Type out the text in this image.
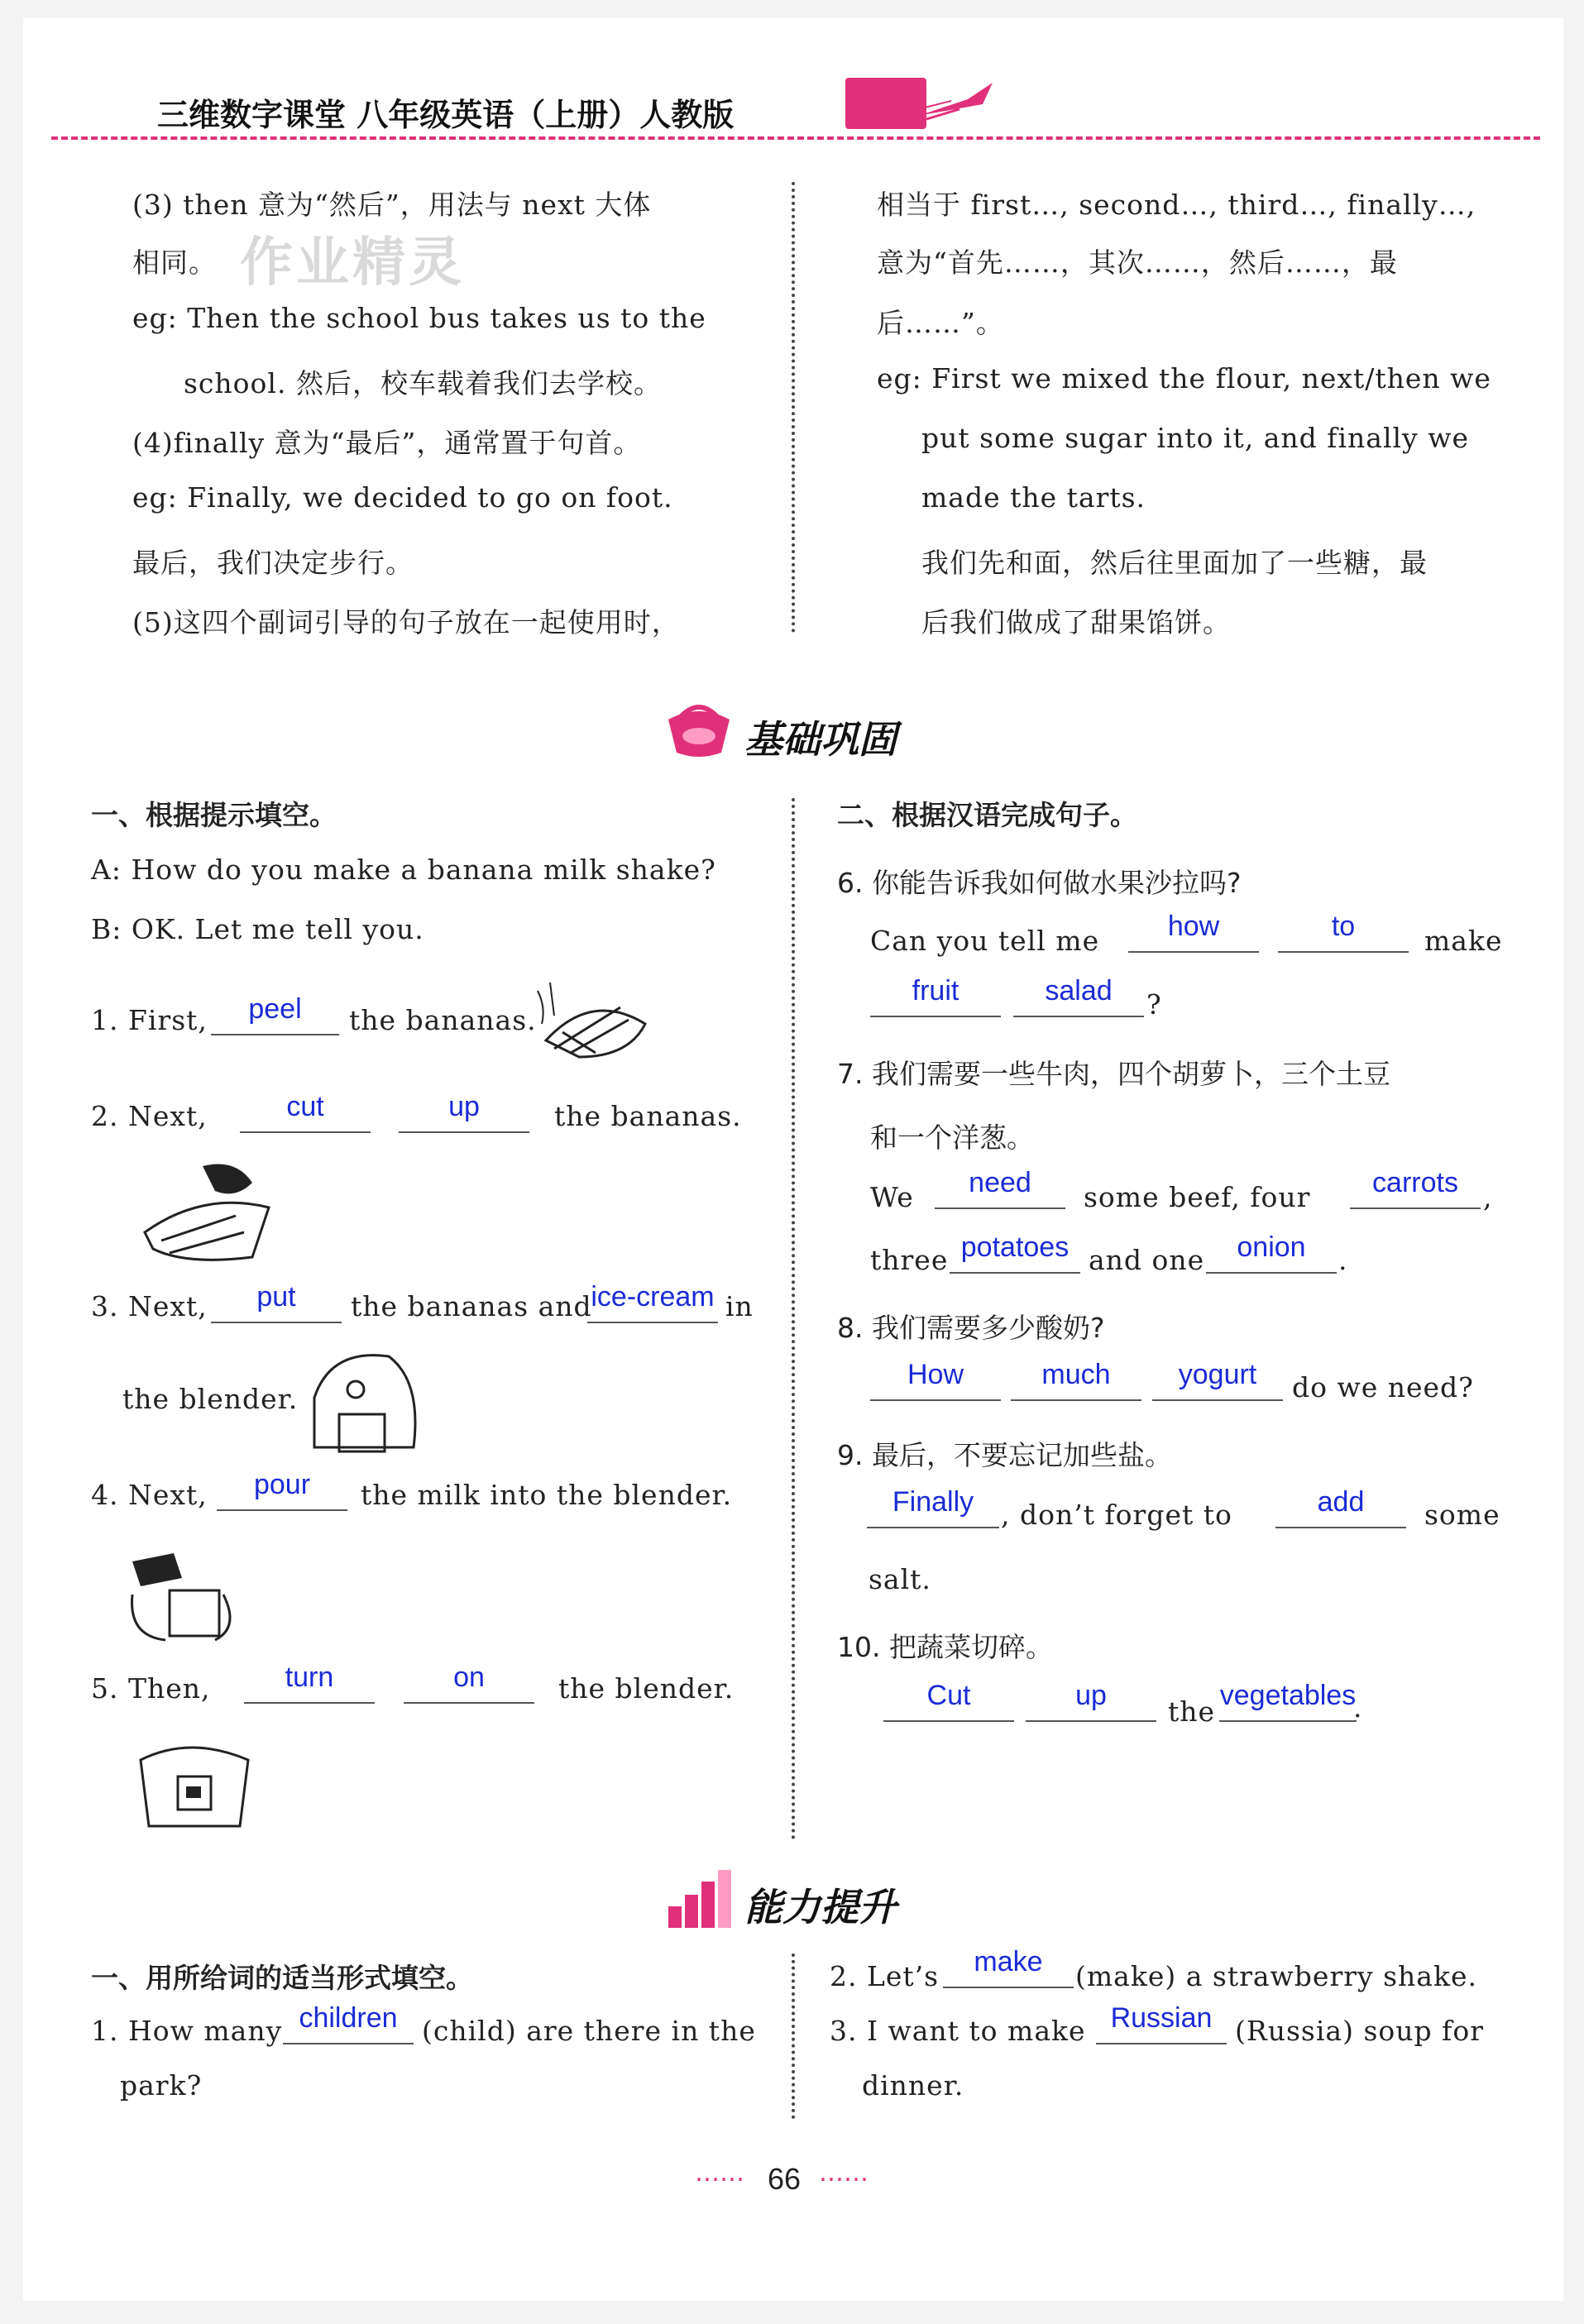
三维数字课堂 八年级英语（上册）人教版
(3) then 意为“然后”，用法与 next 大体
相同。 作业精灵
eg: Then the school bus takes us to the
school. 然后，校车载着我们去学校。
(4)finally 意为“最后”，通常置于句首。
eg: Finally, we decided to go on foot.
最后，我们决定步行。
(5)这四个副词引导的句子放在一起使用时，
相当于 first…, second…, third…, finally…,
意为“首先……，其次……，然后……，最
后……”。
eg: First we mixed the flour, next/then we
put some sugar into it, and finally we
made the tarts.
我们先和面，然后往里面加了一些糖，最
后我们做成了甜果馅饼。
基础巩固
一、根据提示填空。
A: How do you make a banana milk shake?
B: OK. Let me tell you.
1. First,	peel	the bananas.
2. Next,	cut	up	the bananas.
3. Next,	put	the bananas and
ice-cream in
the blender.
4. Next,	pour	the milk into the blender.
5. Then,	turn	on	the blender.
二、根据汉语完成句子。
6. 你能告诉我如何做水果沙拉吗?
Can you tell me	how	to	make
fruit	salad	?
7. 我们需要一些牛肉，四个胡萝卜，三个土豆
和一个洋葱。
We	need	some beef, four	carrots ,
three potatoes and one	onion	.
8. 我们需要多少酸奶?
How	much	yogurt	do we need?
9. 最后，不要忘记加些盐。
Finally , don’t forget to	add	some
salt.
10. 把蔬菜切碎。
Cut	up	the vegetables
.
能力提升
一、用所给词的适当形式填空。
1. How many children (child) are there in the
park?
2. Let’s	make	(make) a strawberry shake.
3. I want to make Russian (Russia) soup for
dinner.
…… 66 ……
